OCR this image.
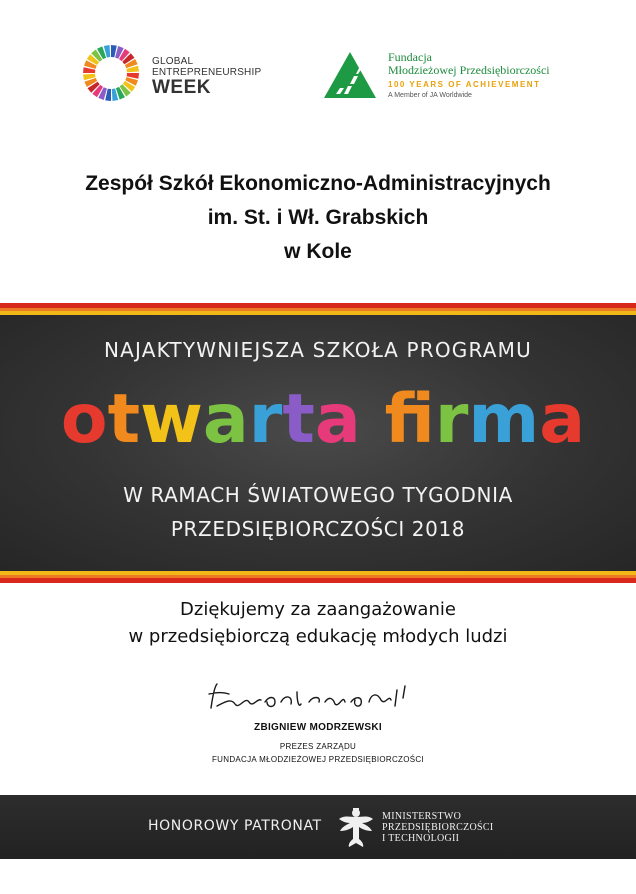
GLOBAL
ENTREPRENEURSHIP
WEEK
Fundacja
Młodzieżowej Przedsiębiorczości
100 YEARS OF ACHIEVEMENT
A Member of JA Worldwide
Zespół Szkół Ekonomiczno-Administracyjnych
im. St. i Wł. Grabskich
w Kole
NAJAKTYWNIEJSZA SZKOŁA PROGRAMU
otwarta frma
W RAMACH ŚWIATOWEGO TYGODNIA
PRZEDSIĘBIORCZOŚCI 2018
Dziękujemy za zaangażowanie
w przedsiębiorczą edukację młodych ludzi
Modrzewski
ZBIGNIEW MODRZEWSKI
PREZES ZARZĄDU
FUNDACJA MŁODZIEŻOWEJ PRZEDSIĘBIORCZOŚCI
HONOROWY PATRONAT
MINISTERSTWO
PRZEDSIĘBIORCZOŚCI
I TECHNOLOGII
